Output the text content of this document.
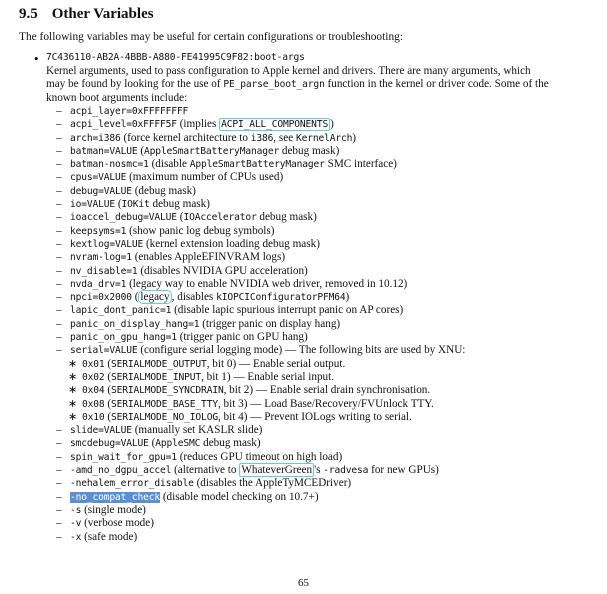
9.5 Other Variables
The following variables may be useful for certain configurations or troubleshooting:
• 7C436110-AB2A-4BBB-A880-FE41995C9F82:boot-args

Kernel arguments, used to pass configuration to Apple kernel and drivers. There are many arguments, which

may be found by looking for the use of PE_parse_boot_argn function in the kernel or driver code. Some of the

known boot arguments include:

– acpi_layer=0xFFFFFFFF
– acpi_level=0xFFFF5F (implies ACPI_ALL_COMPONENTS )
– arch=i386 (force kernel architecture to i386, see KernelArch)
– batman=VALUE (AppleSmartBatteryManager debug mask)
– batman-nosmc=1 (disable AppleSmartBatteryManager SMC interface)
– cpus=VALUE (maximum number of CPUs used)
– debug=VALUE (debug mask)
– io=VALUE (IOKit debug mask)
– ioaccel_debug=VALUE (IOAccelerator debug mask)
– keepsyms=1 (show panic log debug symbols)
– kextlog=VALUE (kernel extension loading debug mask)
– nvram-log=1 (enables AppleEFINVRAM logs)
– nv_disable=1 (disables NVIDIA GPU acceleration)
– nvda_drv=1 (legacy way to enable NVIDIA web driver, removed in 10.12)
– npci=0x2000 ( legacy , disables kIOPCIConfiguratorPFM64)
– lapic_dont_panic=1 (disable lapic spurious interrupt panic on AP cores)
– panic_on_display_hang=1 (trigger panic on display hang)
– panic_on_gpu_hang=1 (trigger panic on GPU hang)
– serial=VALUE (configure serial logging mode) — The following bits are used by XNU:
∗ 0x01 (SERIALMODE_OUTPUT, bit 0) — Enable serial output.
∗ 0x02 (SERIALMODE_INPUT, bit 1) — Enable serial input.
∗ 0x04 (SERIALMODE_SYNCDRAIN, bit 2) — Enable serial drain synchronisation.
∗ 0x08 (SERIALMODE_BASE_TTY, bit 3) — Load Base/Recovery/FVUnlock TTY.
∗ 0x10 (SERIALMODE_NO_IOLOG, bit 4) — Prevent IOLogs writing to serial.
– slide=VALUE (manually set KASLR slide)
– smcdebug=VALUE (AppleSMC debug mask)
– spin_wait_for_gpu=1 (reduces GPU timeout on high load)
– -amd_no_dgpu_accel (alternative to WhateverGreen 's -radvesa for new GPUs)
– -nehalem_error_disable (disables the AppleTyMCEDriver)
– -no_compat_check (disable model checking on 10.7+)
– -s (single mode)
– -v (verbose mode)
– -x (safe mode)
65
